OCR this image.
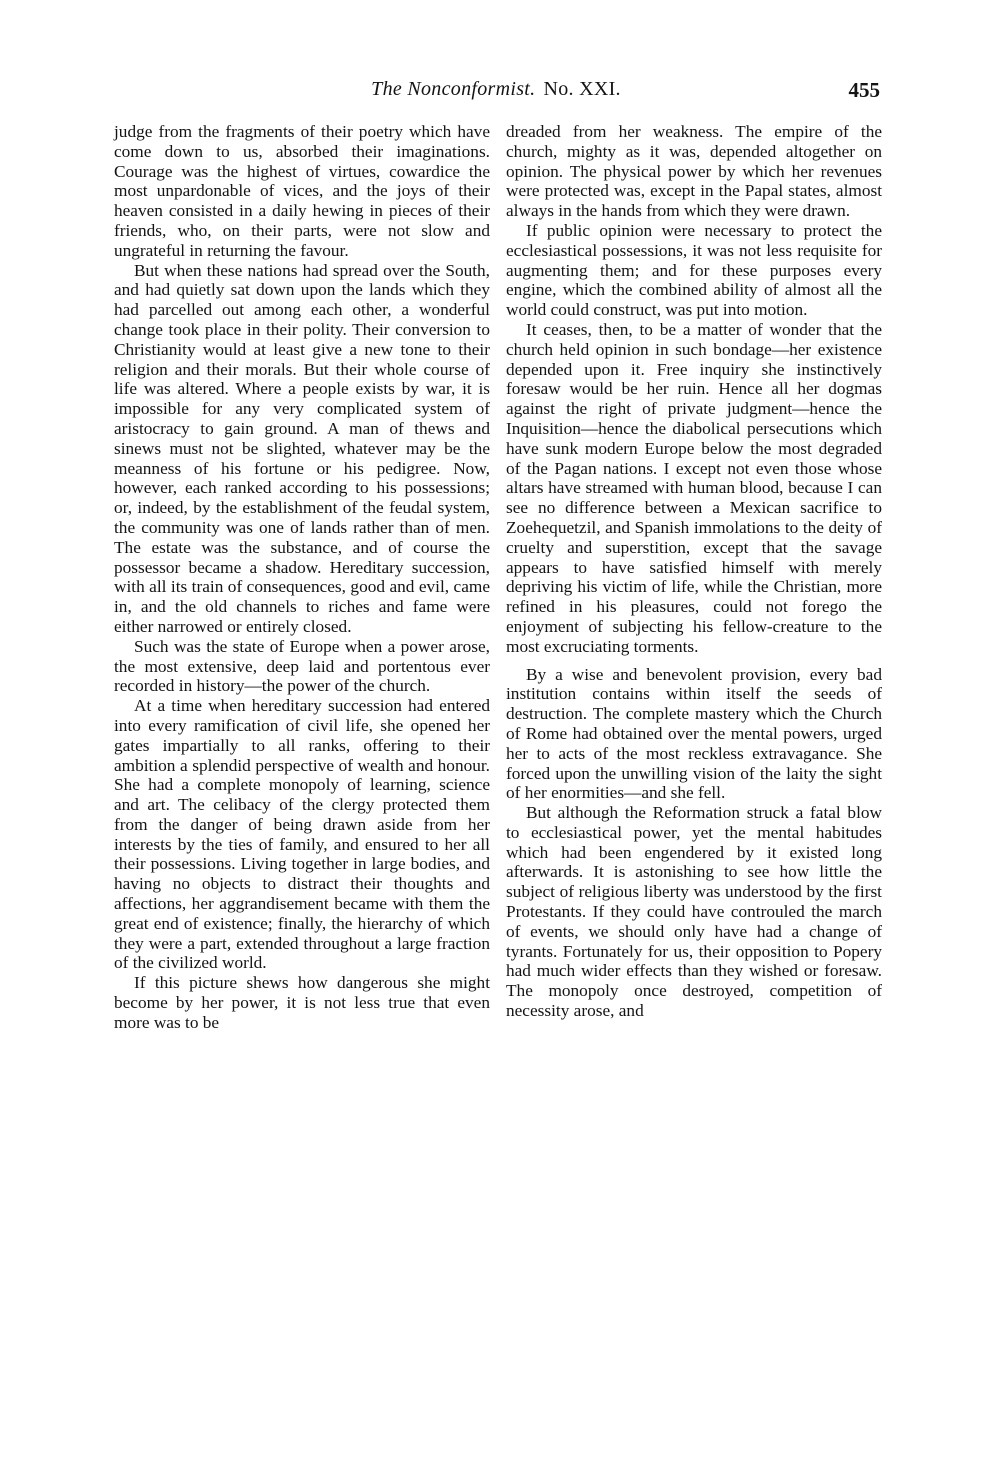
The Nonconformist. No. XXI.	455

judge from the fragments of their poetry which have come down to us, absorbed their imaginations. Courage was the highest of virtues, cowardice the most unpardonable of vices, and the joys of their heaven consisted in a daily hewing in pieces of their friends, who, on their parts, were not slow and ungrateful in returning the favour.

But when these nations had spread over the South, and had quietly sat down upon the lands which they had parcelled out among each other, a wonderful change took place in their polity. Their conversion to Christianity would at least give a new tone to their religion and their morals. But their whole course of life was altered. Where a people exists by war, it is impossible for any very complicated system of aristocracy to gain ground. A man of thews and sinews must not be slighted, whatever may be the meanness of his fortune or his pedigree. Now, however, each ranked according to his possessions; or, indeed, by the establishment of the feudal system, the community was one of lands rather than of men. The estate was the substance, and of course the possessor became a shadow. Hereditary succession, with all its train of consequences, good and evil, came in, and the old channels to riches and fame were either narrowed or entirely closed.

Such was the state of Europe when a power arose, the most extensive, deep laid and portentous ever recorded in history—the power of the church.

At a time when hereditary succession had entered into every ramification of civil life, she opened her gates impartially to all ranks, offering to their ambition a splendid perspective of wealth and honour. She had a complete monopoly of learning, science and art. The celibacy of the clergy protected them from the danger of being drawn aside from her interests by the ties of family, and ensured to her all their possessions. Living together in large bodies, and having no objects to distract their thoughts and affections, her aggrandisement became with them the great end of existence; finally, the hierarchy of which they were a part, extended throughout a large fraction of the civilized world.

If this picture shews how dangerous she might become by her power, it is not less true that even more was to be

dreaded from her weakness. The empire of the church, mighty as it was, depended altogether on opinion. The physical power by which her revenues were protected was, except in the Papal states, almost always in the hands from which they were drawn.

If public opinion were necessary to protect the ecclesiastical possessions, it was not less requisite for augmenting them; and for these purposes every engine, which the combined ability of almost all the world could construct, was put into motion.

It ceases, then, to be a matter of wonder that the church held opinion in such bondage—her existence depended upon it. Free inquiry she instinctively foresaw would be her ruin. Hence all her dogmas against the right of private judgment—hence the Inquisition—hence the diabolical persecutions which have sunk modern Europe below the most degraded of the Pagan nations. I except not even those whose altars have streamed with human blood, because I can see no difference between a Mexican sacrifice to Zoehequetzil, and Spanish immolations to the deity of cruelty and superstition, except that the savage appears to have satisfied himself with merely depriving his victim of life, while the Christian, more refined in his pleasures, could not forego the enjoyment of subjecting his fellow-creature to the most excruciating torments.

By a wise and benevolent provision, every bad institution contains within itself the seeds of destruction. The complete mastery which the Church of Rome had obtained over the mental powers, urged her to acts of the most reckless extravagance. She forced upon the unwilling vision of the laity the sight of her enormities—and she fell.

But although the Reformation struck a fatal blow to ecclesiastical power, yet the mental habitudes which had been engendered by it existed long afterwards. It is astonishing to see how little the subject of religious liberty was understood by the first Protestants. If they could have controuled the march of events, we should only have had a change of tyrants. Fortunately for us, their opposition to Popery had much wider effects than they wished or foresaw. The monopoly once destroyed, competition of necessity arose, and
